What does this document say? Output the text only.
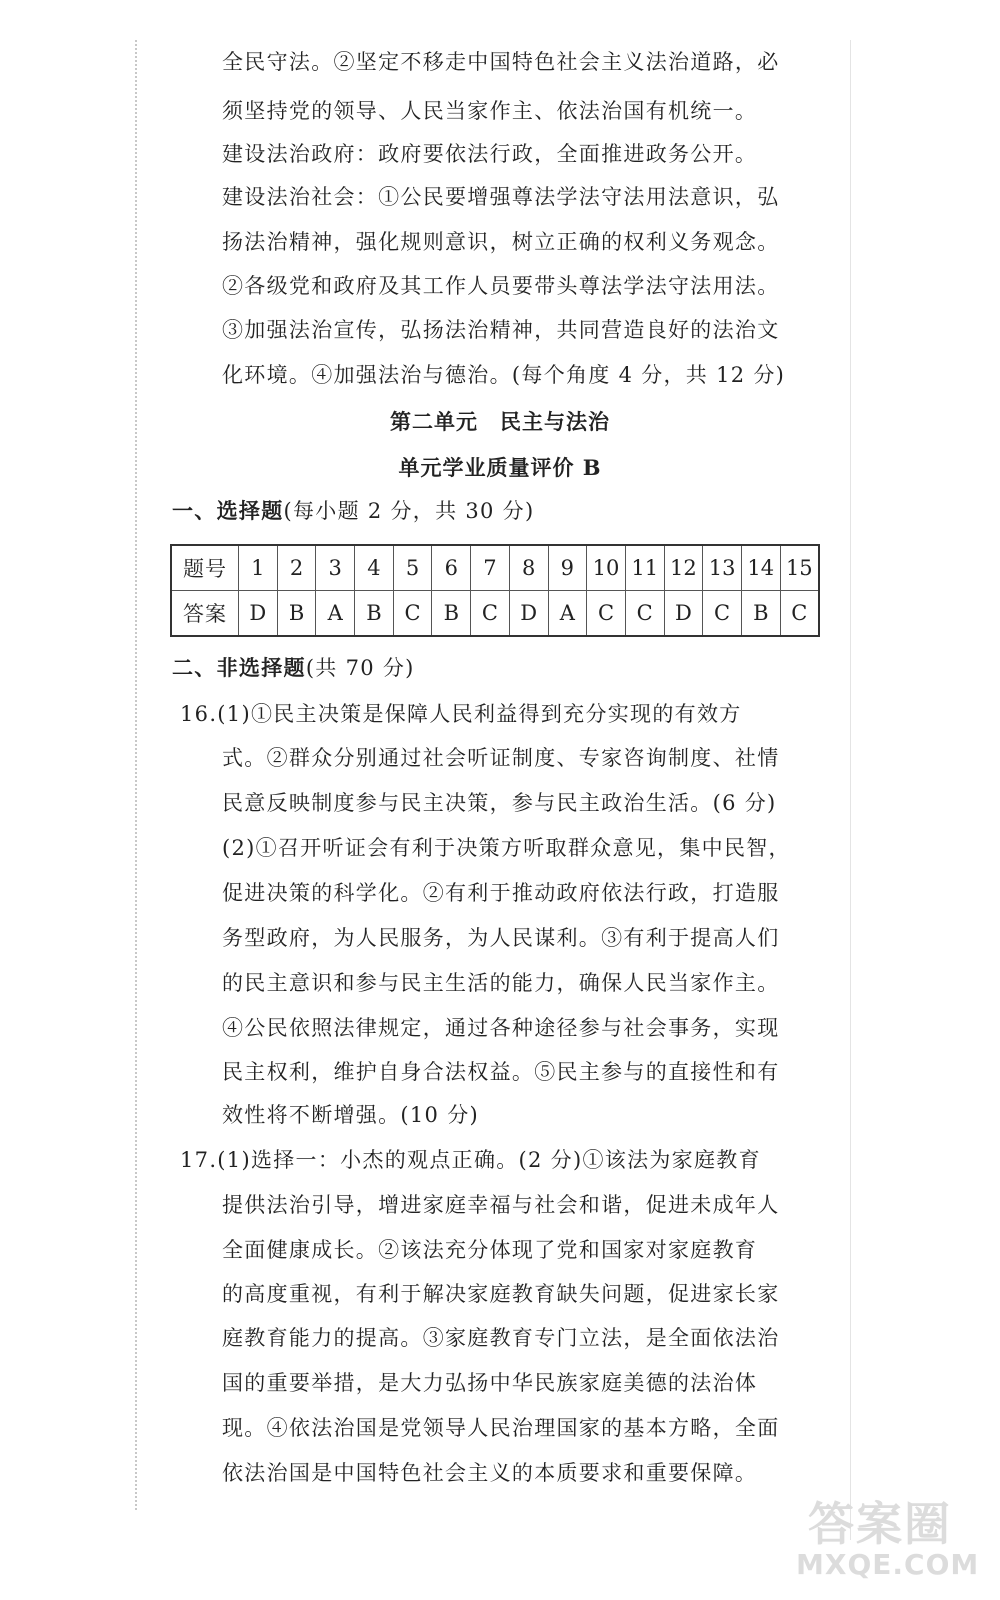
全民守法。②坚定不移走中国特色社会主义法治道路，必
须坚持党的领导、人民当家作主、依法治国有机统一。
建设法治政府：政府要依法行政，全面推进政务公开。
建设法治社会：①公民要增强尊法学法守法用法意识，弘
扬法治精神，强化规则意识，树立正确的权利义务观念。
②各级党和政府及其工作人员要带头尊法学法守法用法。
③加强法治宣传，弘扬法治精神，共同营造良好的法治文
化环境。④加强法治与德治。(每个角度 4 分，共 12 分)
第二单元　民主与法治
单元学业质量评价 B
一、选择题(每小题 2 分，共 30 分)
题号	1	2	3	4	5	6	7	8	9	10	11	12	13	14	15
答案	D	B	A	B	C	B	C	D	A	C	C	D	C	B	C
二、非选择题(共 70 分)
16.(1)①民主决策是保障人民利益得到充分实现的有效方
式。②群众分别通过社会听证制度、专家咨询制度、社情
民意反映制度参与民主决策，参与民主政治生活。(6 分)
(2)①召开听证会有利于决策方听取群众意见，集中民智，
促进决策的科学化。②有利于推动政府依法行政，打造服
务型政府，为人民服务，为人民谋利。③有利于提高人们
的民主意识和参与民主生活的能力，确保人民当家作主。
④公民依照法律规定，通过各种途径参与社会事务，实现
民主权利，维护自身合法权益。⑤民主参与的直接性和有
效性将不断增强。(10 分)
17.(1)选择一：小杰的观点正确。(2 分)①该法为家庭教育
提供法治引导，增进家庭幸福与社会和谐，促进未成年人
全面健康成长。②该法充分体现了党和国家对家庭教育
的高度重视，有利于解决家庭教育缺失问题，促进家长家
庭教育能力的提高。③家庭教育专门立法，是全面依法治
国的重要举措，是大力弘扬中华民族家庭美德的法治体
现。④依法治国是党领导人民治理国家的基本方略，全面
依法治国是中国特色社会主义的本质要求和重要保障。
答案圈
MXQE.COM
